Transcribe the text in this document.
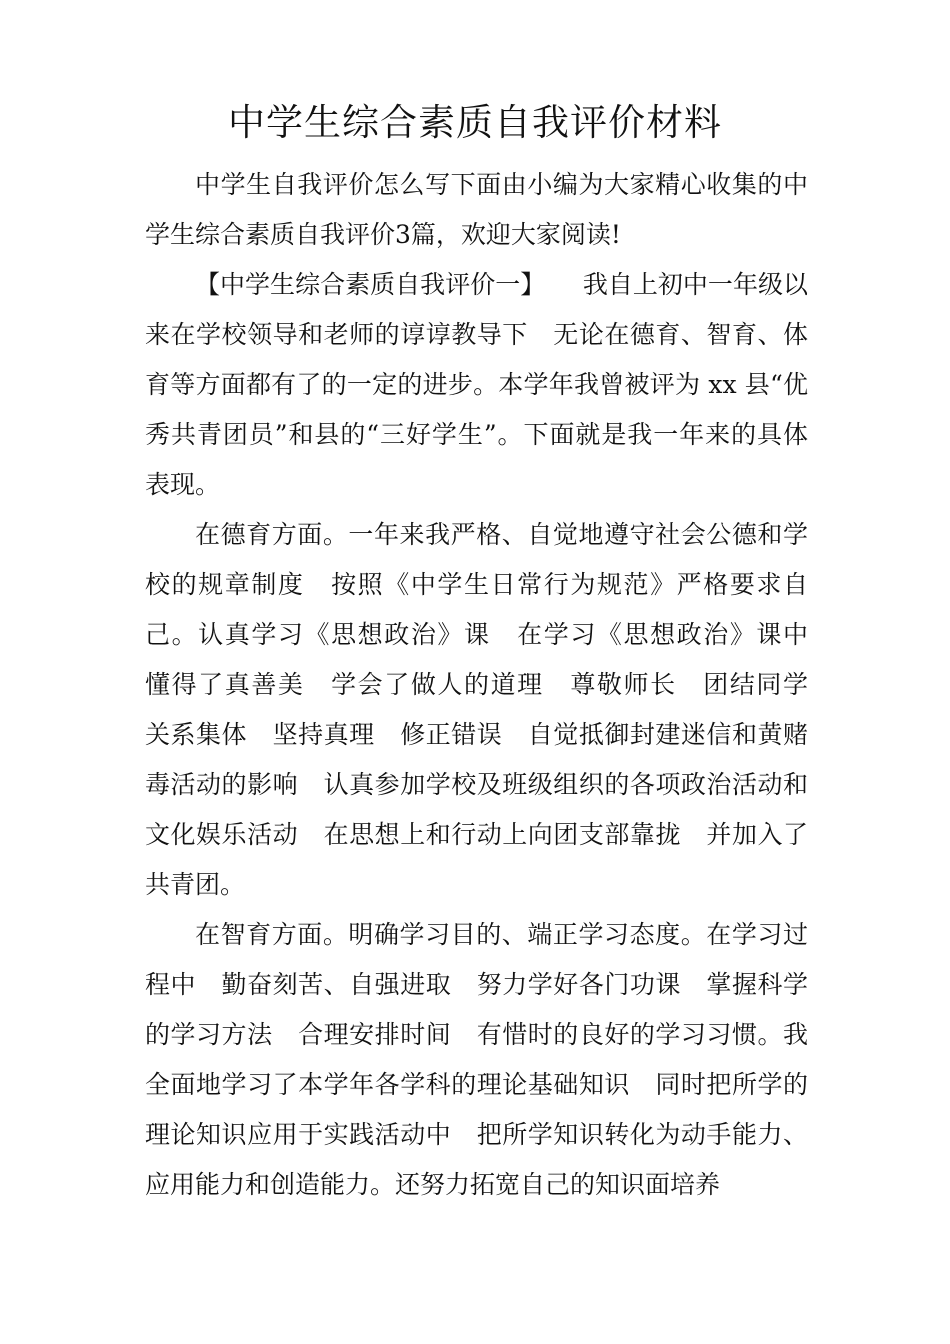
中学生综合素质自我评价材料

中学生自我评价怎么写下面由小编为大家精心收集的中学生综合素质自我评价3篇，欢迎大家阅读!

【中学生综合素质自我评价一】　　我自上初中一年级以来在学校领导和老师的谆谆教导下　无论在德育、智育、体育等方面都有了的一定的进步。本学年我曾被评为 xx 县“优秀共青团员”和县的“三好学生”。下面就是我一年来的具体表现。

在德育方面。一年来我严格、自觉地遵守社会公德和学校的规章制度　按照《中学生日常行为规范》严格要求自己。认真学习《思想政治》课　在学习《思想政治》课中　懂得了真善美　学会了做人的道理　尊敬师长　团结同学　关系集体　坚持真理　修正错误　自觉抵御封建迷信和黄赌毒活动的影响　认真参加学校及班级组织的各项政治活动和文化娱乐活动　在思想上和行动上向团支部靠拢　并加入了共青团。

在智育方面。明确学习目的、端正学习态度。在学习过程中　勤奋刻苦、自强进取　努力学好各门功课　掌握科学的学习方法　合理安排时间　有惜时的良好的学习习惯。我全面地学习了本学年各学科的理论基础知识　同时把所学的理论知识应用于实践活动中　把所学知识转化为动手能力、应用能力和创造能力。还努力拓宽自己的知识面培养
